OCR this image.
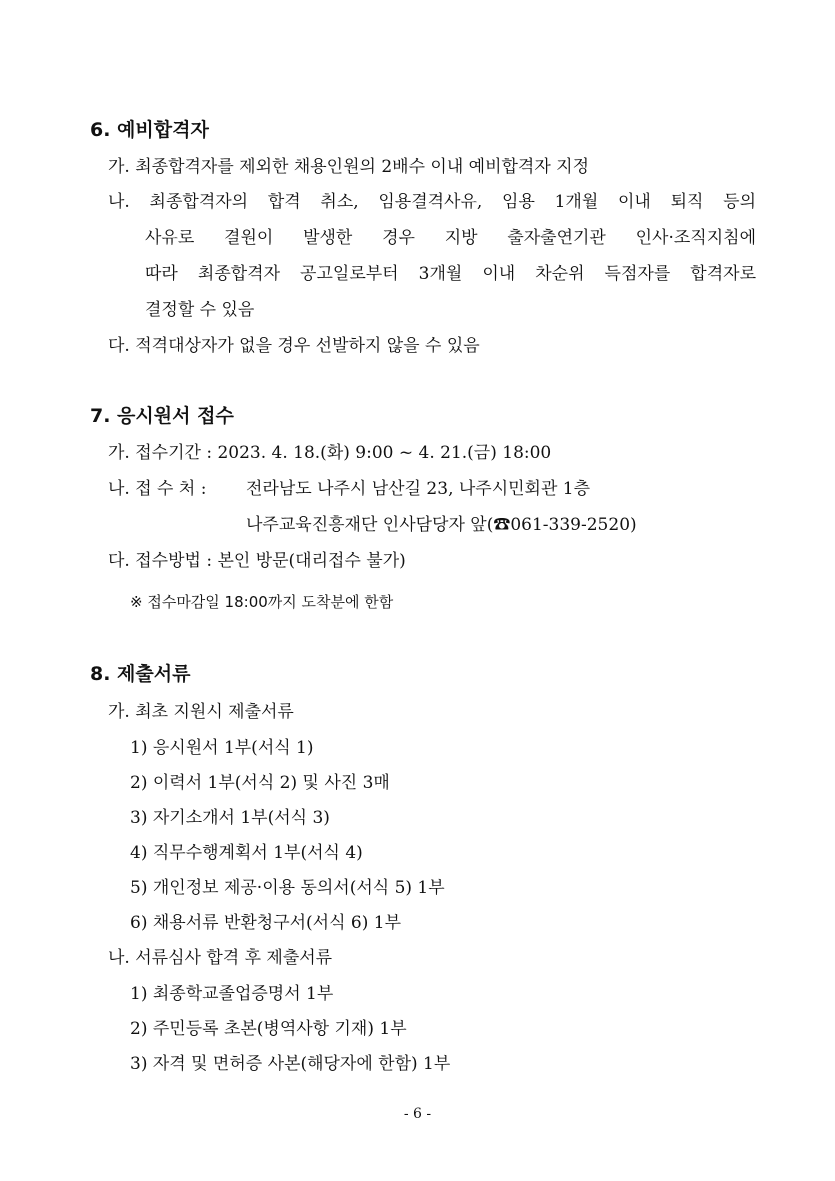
6. 예비합격자
가. 최종합격자를 제외한 채용인원의 2배수 이내 예비합격자 지정
나. 최종합격자의 합격 취소, 임용결격사유, 임용 1개월 이내 퇴직 등의
사유로 결원이 발생한 경우 지방 출자출연기관 인사·조직지침에
따라 최종합격자 공고일로부터 3개월 이내 차순위 득점자를 합격자로
결정할 수 있음
다. 적격대상자가 없을 경우 선발하지 않을 수 있음
7. 응시원서 접수
가. 접수기간 : 2023. 4. 18.(화) 9:00 ~ 4. 21.(금) 18:00
나. 접 수 처 : 전라남도 나주시 남산길 23, 나주시민회관 1층
나주교육진흥재단 인사담당자 앞(☎061-339-2520)
다. 접수방법 : 본인 방문(대리접수 불가)
※ 접수마감일 18:00까지 도착분에 한함
8. 제출서류
가. 최초 지원시 제출서류
1) 응시원서 1부(서식 1)
2) 이력서 1부(서식 2) 및 사진 3매
3) 자기소개서 1부(서식 3)
4) 직무수행계획서 1부(서식 4)
5) 개인정보 제공·이용 동의서(서식 5) 1부
6) 채용서류 반환청구서(서식 6) 1부
나. 서류심사 합격 후 제출서류
1) 최종학교졸업증명서 1부
2) 주민등록 초본(병역사항 기재) 1부
3) 자격 및 면허증 사본(해당자에 한함) 1부
- 6 -
